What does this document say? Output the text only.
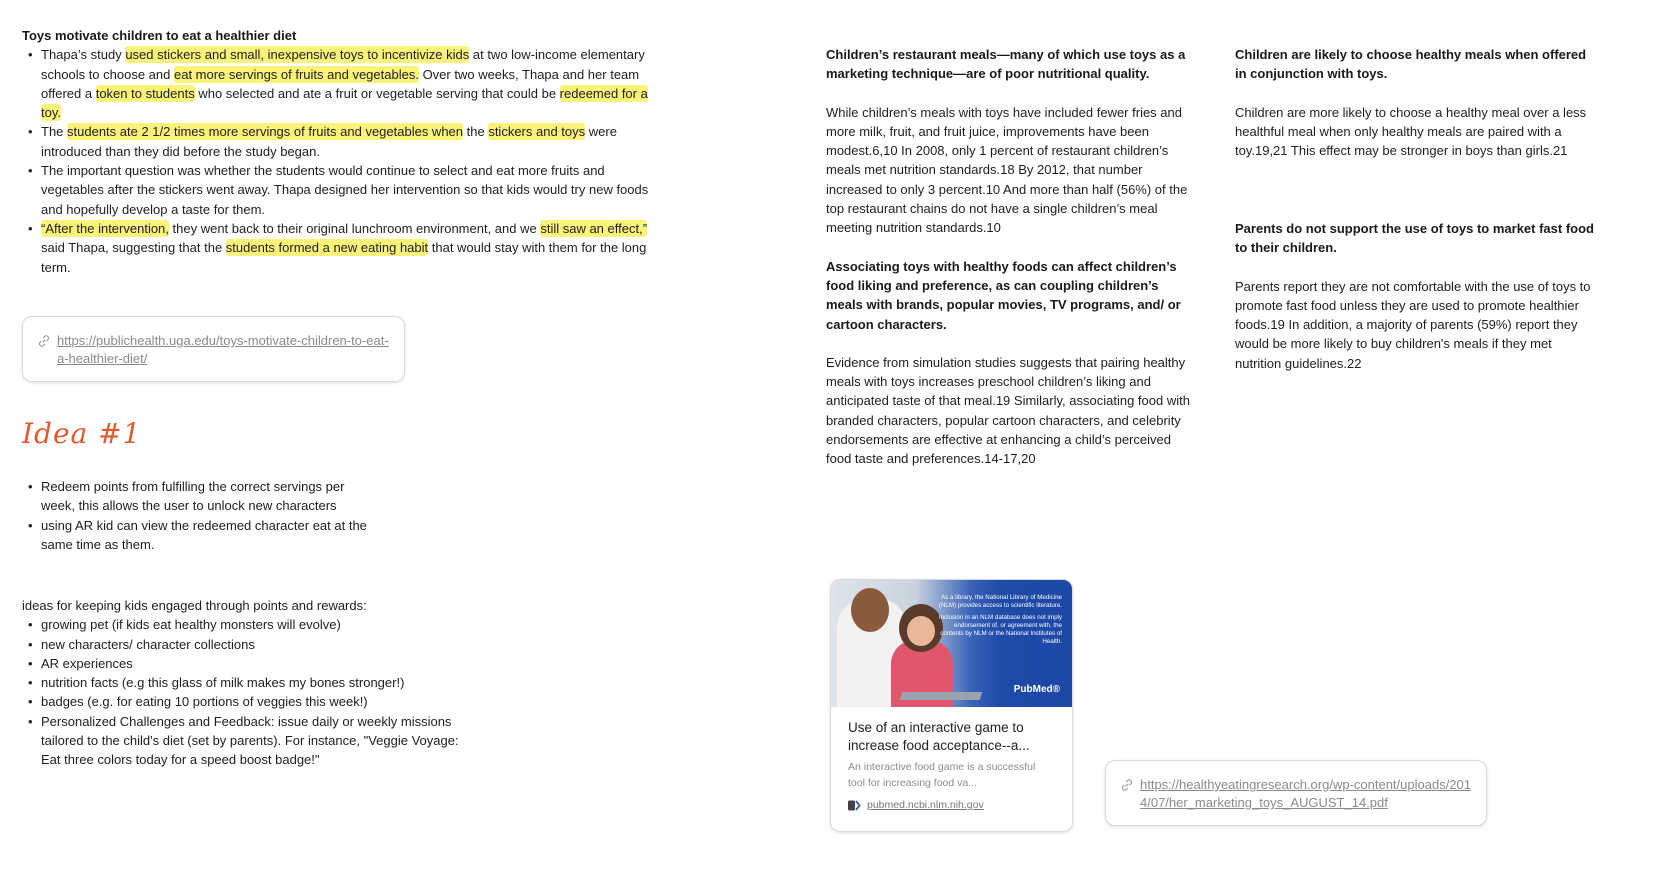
Toys motivate children to eat a healthier diet
• Thapa’s study used stickers and small, inexpensive toys to incentivize kids at two low-income elementary schools to choose and eat more servings of fruits and vegetables. Over two weeks, Thapa and her team offered a token to students who selected and ate a fruit or vegetable serving that could be redeemed for a toy.
• The students ate 2 1/2 times more servings of fruits and vegetables when the stickers and toys were introduced than they did before the study began.
• The important question was whether the students would continue to select and eat more fruits and vegetables after the stickers went away. Thapa designed her intervention so that kids would try new foods and hopefully develop a taste for them.
• “After the intervention, they went back to their original lunchroom environment, and we still saw an effect,” said Thapa, suggesting that the students formed a new eating habit that would stay with them for the long term.
https://publichealth.uga.edu/toys-motivate-children-to-eat-a-healthier-diet/
Idea #1
• Redeem points from fulfilling the correct servings per week, this allows the user to unlock new characters
• using AR kid can view the redeemed character eat at the same time as them.
ideas for keeping kids engaged through points and rewards:
• growing pet (if kids eat healthy monsters will evolve)
• new characters/ character collections
• AR experiences
• nutrition facts (e.g this glass of milk makes my bones stronger!)
• badges (e.g. for eating 10 portions of veggies this week!)
• Personalized Challenges and Feedback: issue daily or weekly missions tailored to the child's diet (set by parents). For instance, "Veggie Voyage: Eat three colors today for a speed boost badge!"
Children’s restaurant meals—many of which use toys as a marketing technique—are of poor nutritional quality.
While children’s meals with toys have included fewer fries and more milk, fruit, and fruit juice, improvements have been modest.6,10 In 2008, only 1 percent of restaurant children’s meals met nutrition standards.18 By 2012, that number increased to only 3 percent.10 And more than half (56%) of the top restaurant chains do not have a single children’s meal meeting nutrition standards.10
Associating toys with healthy foods can affect children’s food liking and preference, as can coupling children’s meals with brands, popular movies, TV programs, and/ or cartoon characters.
Evidence from simulation studies suggests that pairing healthy meals with toys increases preschool children’s liking and anticipated taste of that meal.19 Similarly, associating food with branded characters, popular cartoon characters, and celebrity endorsements are effective at enhancing a child’s perceived food taste and preferences.14-17,20
Children are likely to choose healthy meals when offered in conjunction with toys.
Children are more likely to choose a healthy meal over a less healthful meal when only healthy meals are paired with a toy.19,21 This effect may be stronger in boys than girls.21
Parents do not support the use of toys to market fast food to their children.
Parents report they are not comfortable with the use of toys to promote fast food unless they are used to promote healthier foods.19 In addition, a majority of parents (59%) report they would be more likely to buy children's meals if they met nutrition guidelines.22

As a library, the National Library of Medicine (NLM) provides access to scientific literature.

Inclusion in an NLM database does not imply endorsement of, or agreement with, the contents by NLM or the National Institutes of Health.

PubMed®
Use of an interactive game to increase food acceptance--a...
An interactive food game is a successful tool for increasing food va...
pubmed.ncbi.nlm.nih.gov
https://healthyeatingresearch.org/wp-content/uploads/2014/07/her_marketing_toys_AUGUST_14.pdf
